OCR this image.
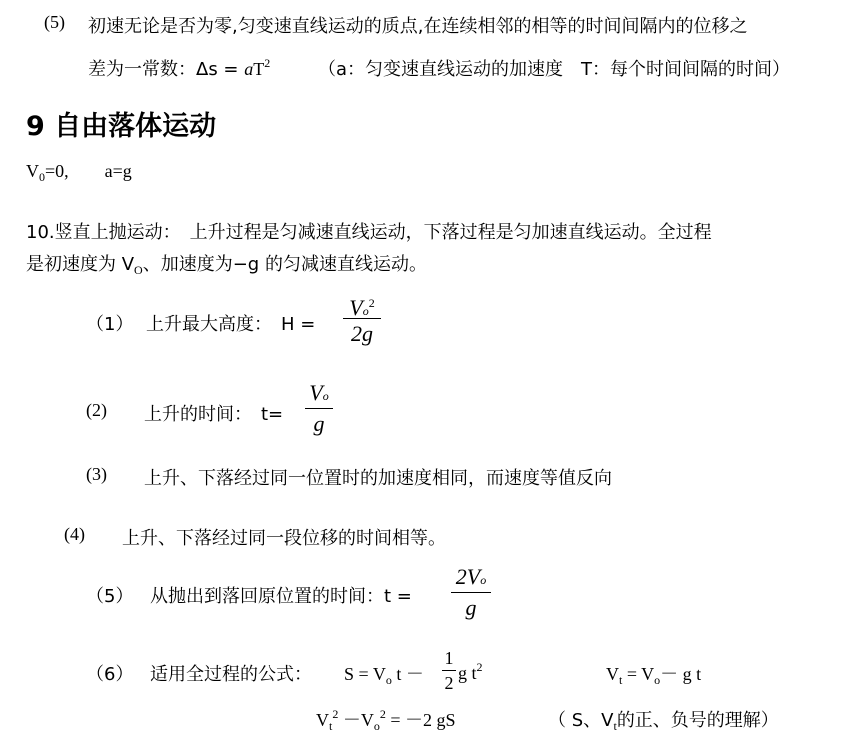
(5) 初速无论是否为零,匀变速直线运动的质点,在连续相邻的相等的时间间隔内的位移之
差为一常数：$\Delta s = aT^2$	（a：匀变速直线运动的加速度　T：每个时间间隔的时间）
9 自由落体运动
$V_0=0$,　　a=g
10.竖直上抛运动：　上升过程是匀减速直线运动，下落过程是匀加速直线运动。全过程
是初速度为 $V_O$、加速度为−g 的匀减速直线运动。
（1） 上升最大高度：　H =
$Vo^2$
2g
(2) 上升的时间：　t=
Vo
g
(3) 上升、下落经过同一位置时的加速度相同，而速度等值反向
(4) 上升、下落经过同一段位移的时间相等。
（5） 从抛出到落回原位置的时间：t =
2Vo
g
（6） 适用全过程的公式： $S = V_o$ t －
1
2 g $t^2$	$V_t = V_o- g$ t
$V_t^2 -V_o^2 = -2$ gS	（ S、$V_t$的正、负号的理解）
